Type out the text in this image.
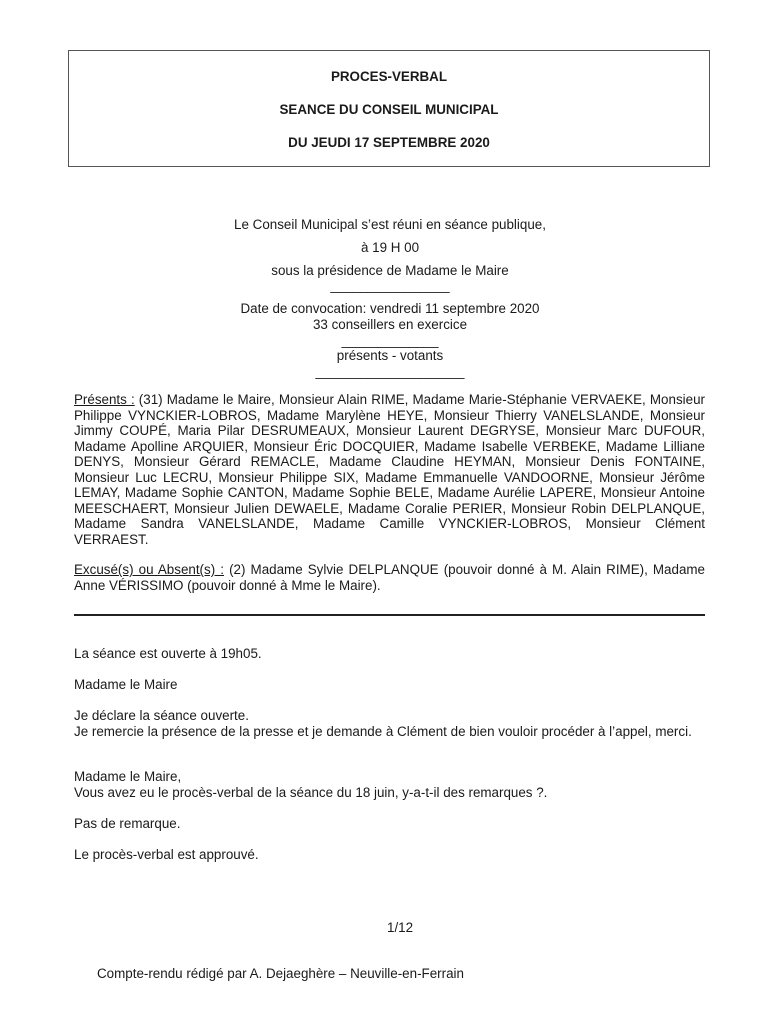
PROCES-VERBAL
SEANCE DU CONSEIL MUNICIPAL
DU JEUDI 17 SEPTEMBRE 2020
Le Conseil Municipal s’est réuni en séance publique,
à 19 H 00
sous la présidence de Madame le Maire
________________
Date de convocation: vendredi 11 septembre 2020
33 conseillers en exercice
_____________
présents - votants
____________________
Présents : (31) Madame le Maire, Monsieur Alain RIME, Madame Marie-Stéphanie VERVAEKE, Monsieur Philippe VYNCKIER-LOBROS, Madame Marylène HEYE, Monsieur Thierry VANELSLANDE, Monsieur Jimmy COUPÉ, Maria Pilar DESRUMEAUX, Monsieur Laurent DEGRYSE, Monsieur Marc DUFOUR, Madame Apolline ARQUIER, Monsieur Éric DOCQUIER, Madame Isabelle VERBEKE, Madame Lilliane DENYS, Monsieur Gérard REMACLE, Madame Claudine HEYMAN, Monsieur Denis FONTAINE, Monsieur Luc LECRU, Monsieur Philippe SIX, Madame Emmanuelle VANDOORNE, Monsieur Jérôme LEMAY, Madame Sophie CANTON, Madame Sophie BELE, Madame Aurélie LAPERE, Monsieur Antoine MEESCHAERT, Monsieur Julien DEWAELE, Madame Coralie PERIER, Monsieur Robin DELPLANQUE, Madame Sandra VANELSLANDE, Madame Camille VYNCKIER-LOBROS, Monsieur Clément VERRAEST.
Excusé(s) ou Absent(s) : (2) Madame Sylvie DELPLANQUE (pouvoir donné à M. Alain RIME), Madame Anne VÉRISSIMO (pouvoir donné à Mme le Maire).
La séance est ouverte à 19h05.
Madame le Maire
Je déclare la séance ouverte.
Je remercie la présence de la presse et je demande à Clément de bien vouloir procéder à l’appel, merci.
Madame le Maire,
Vous avez eu le procès-verbal de la séance du 18 juin, y-a-t-il des remarques ?.
Pas de remarque.
Le procès-verbal est approuvé.
1/12
Compte-rendu rédigé par A. Dejaeghère – Neuville-en-Ferrain
